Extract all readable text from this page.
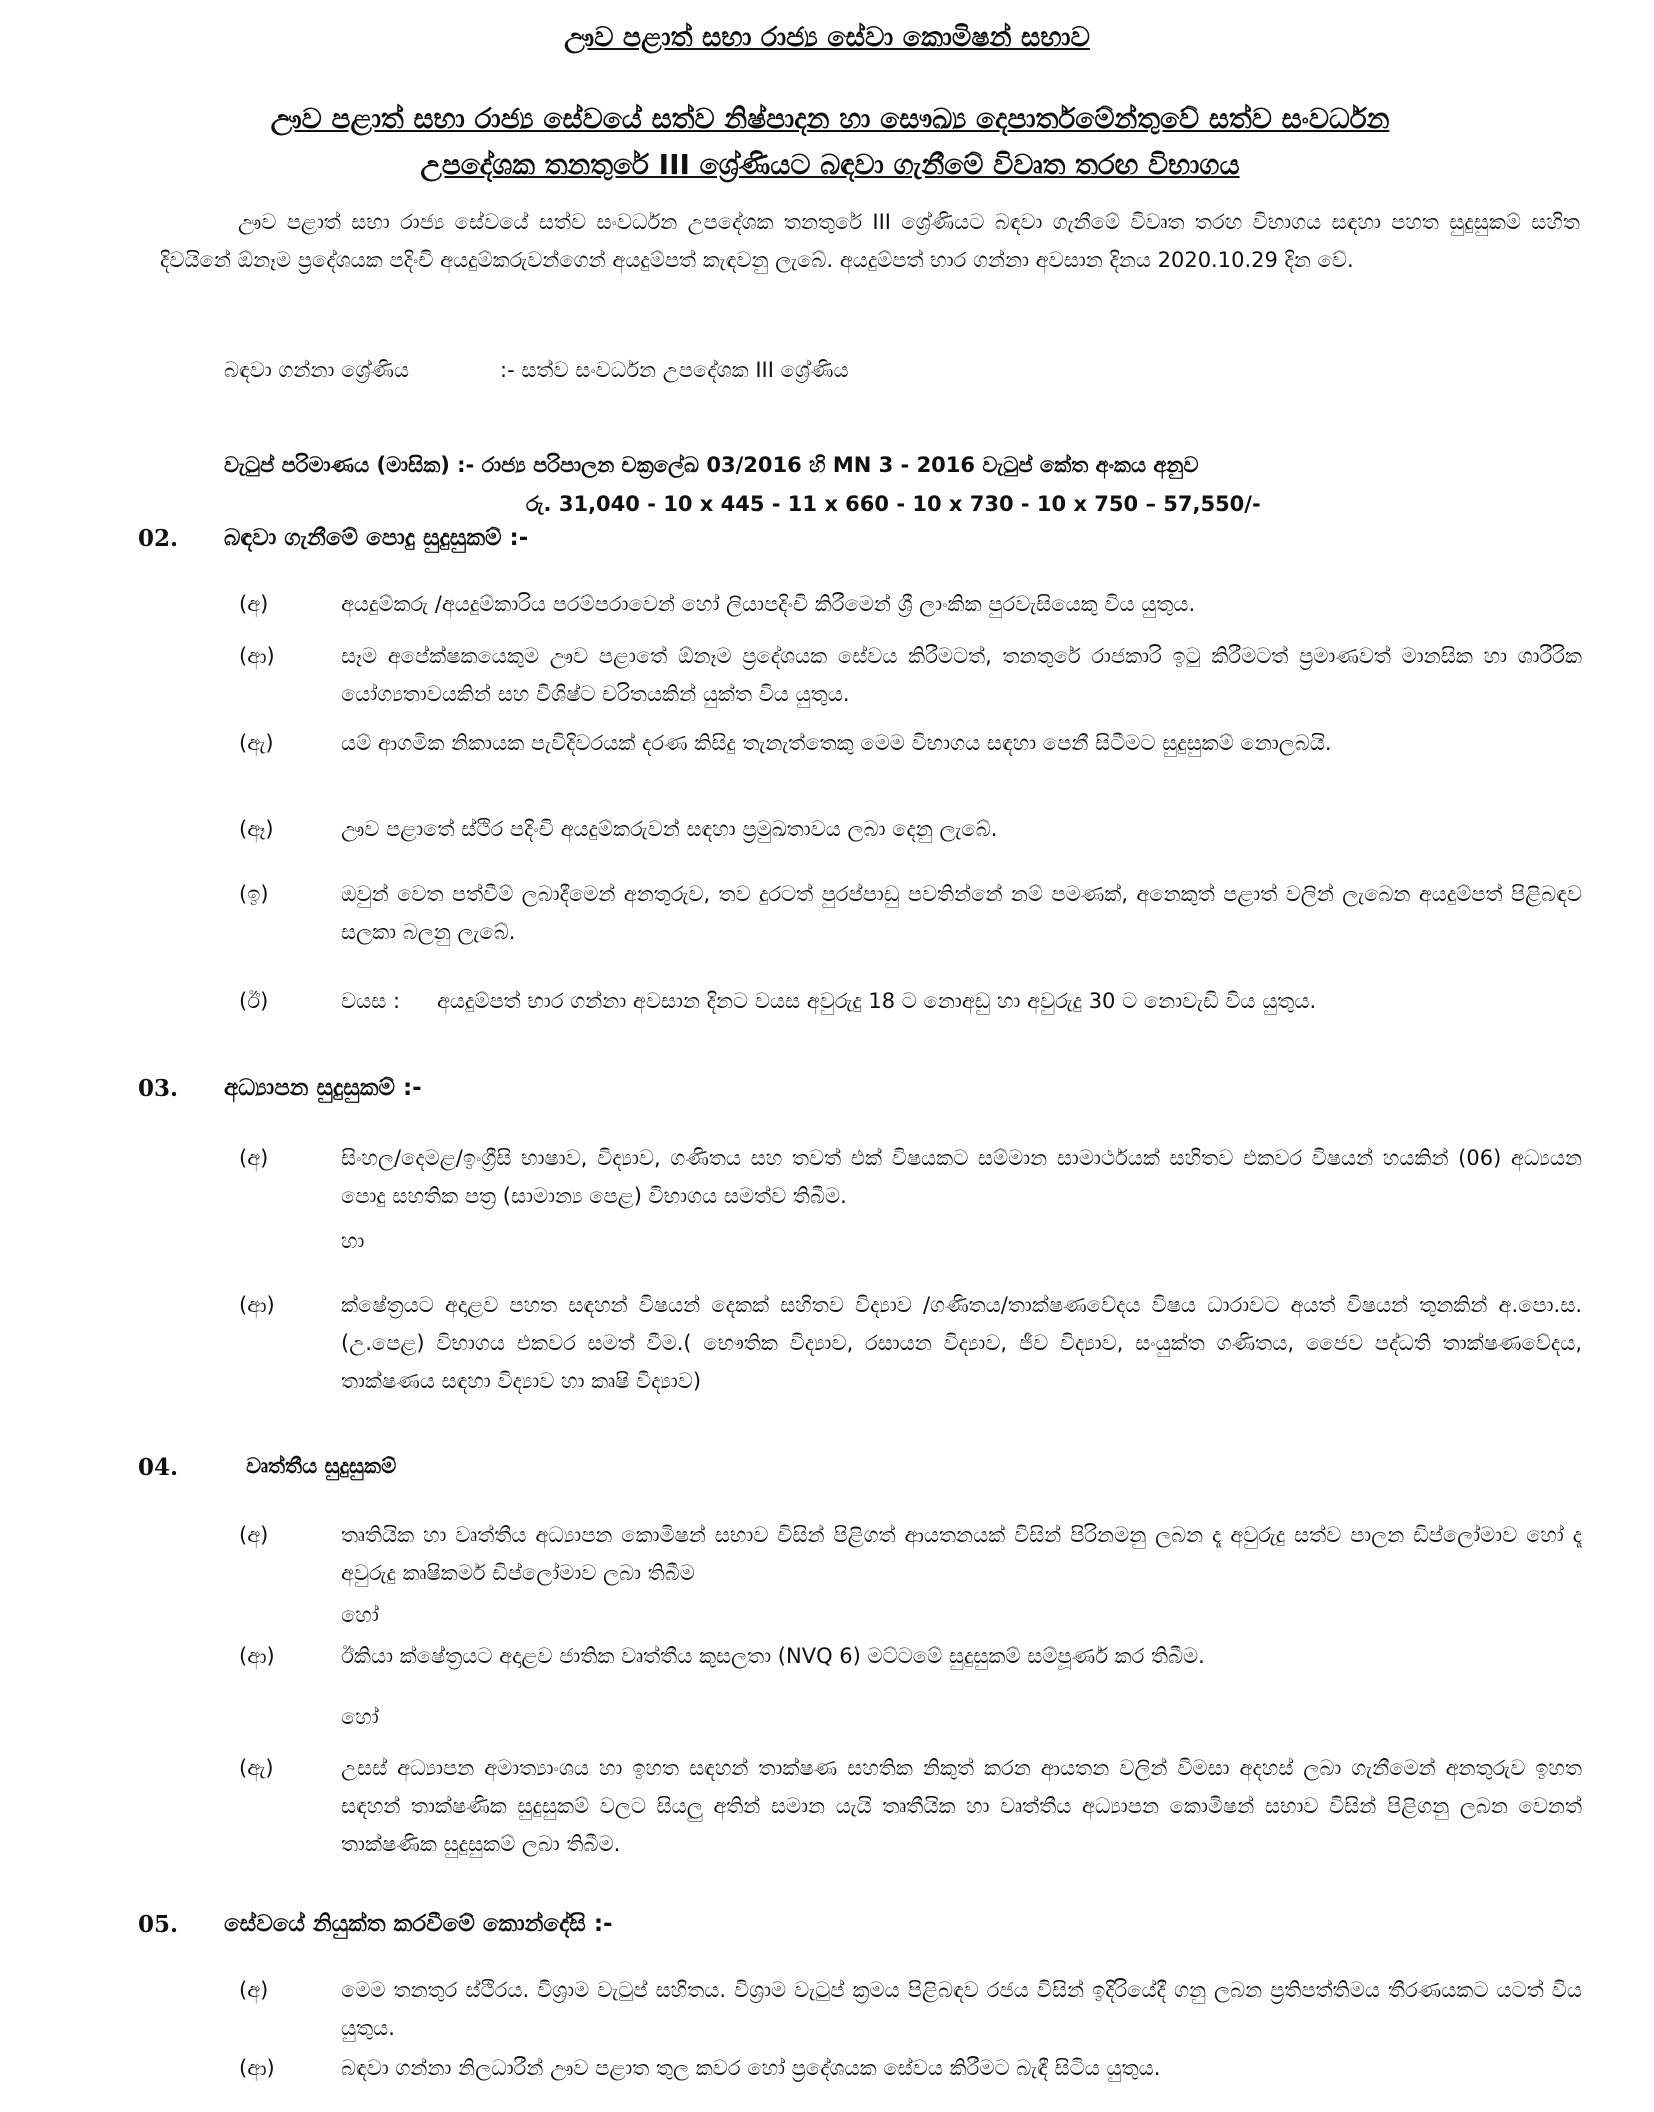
ඌව පළාත් සභා රාජ්‍ය සේවා කොමිෂන් සභාව
ඌව පළාත් සභා රාජ්‍ය සේවයේ සත්ව නිෂ්පාදන හා සෞඛ්‍ය දෙපාර්තමේන්තුවේ සත්ව සංවර්ධන
උපදේශක තනතුරේ III ශ්‍රේණියට බඳවා ගැනීමේ විවෘත තරඟ විභාගය
ඌව පළාත් සභා රාජ්‍ය සේවයේ සත්ව සංවර්ධන උපදේශක තනතුරේ III ශ්‍රේණියට බඳවා ගැනීමේ විවෘත තරඟ විභාගය සඳහා පහත සුදුසුකම් සහිත දිවයිනේ ඕනෑම ප්‍රදේශයක පදිංචි අයදුම්කරුවන්ගෙන් අයදුම්පත් කැඳවනු ලැබේ. අයදුම්පත් භාර ගන්නා අවසාන දිනය 2020.10.29 දින වේ.
බඳවා ගන්නා ශ්‍රේණිය	:- සත්ව සංවර්ධන උපදේශක III ශ්‍රේණිය
වැටුප් පරිමාණය (මාසික) :- රාජ්‍ය පරිපාලන චක්‍රලේඛ 03/2016 හි MN 3 - 2016 වැටුප් කේත අංකය අනුව
රු. 31,040 - 10 x 445 - 11 x 660 - 10 x 730 - 10 x 750 – 57,550/-
02. බඳවා ගැනීමේ පොදු සුදුසුකම් :-
(අ)	අයදුම්කරු /අයදුම්කාරිය පරම්පරාවෙන් හෝ ලියාපදිංචි කිරීමෙන් ශ්‍රී ලාංකික පුරවැසියෙකු විය යුතුය.
(ආ)	සෑම අපේක්ෂකයෙකුම ඌව පළාතේ ඕනෑම ප්‍රදේශයක සේවය කිරීමටත්, තනතුරේ රාජකාරි ඉටු කිරීමටත් ප්‍රමාණවත් මානසික හා ශාරීරික යෝග්‍යතාවයකින් සහ විශිෂ්ට චරිතයකින් යුක්ත විය යුතුය.
(ඇ)	යම් ආගමික නිකායක පැවිදිවරයක් දරණ කිසිදු තැනැත්තෙකු මෙම විභාගය සඳහා පෙනී සිටීමට සුදුසුකම් නොලබයි.
(ඈ)	ඌව පළාතේ ස්ථිර පදිංචි අයදුම්කරුවන් සඳහා ප්‍රමුඛතාවය ලබා දෙනු ලැබේ.
(ඉ)	ඔවුන් වෙත පත්වීම් ලබාදීමෙන් අනතුරුව, තව දුරටත් පුරප්පාඩු පවතින්නේ නම් පමණක්, අනෙකුත් පළාත් වලින් ලැබෙන අයදුම්පත් පිළිබඳව සලකා බලනු ලැබේ.
(ඊ)	වයස : අයදුම්පත් භාර ගන්නා අවසාන දිනට වයස අවුරුදු 18 ට නොඅඩු හා අවුරුදු 30 ට නොවැඩි විය යුතුය.
03. අධ්‍යාපන සුදුසුකම් :-
(අ)	සිංහල/දෙමළ/ඉංග්‍රීසි භාෂාව, විද්‍යාව, ගණිතය සහ තවත් එක් විෂයකට සම්මාන සාමාර්ථයක් සහිතව එකවර විෂයන් හයකින් (06) අධ්‍යයන පොදු සහතික පත්‍ර (සාමාන්‍ය පෙළ) විභාගය සමත්ව තිබීම.
හා
(ආ)	ක්ෂේත්‍රයට අදාළව පහත සඳහන් විෂයන් දෙකක් සහිතව විද්‍යාව /ගණිතය/තාක්ෂණවේදය විෂය ධාරාවට අයත් විෂයන් තුනකින් අ.පො.ස.(උ.පෙළ) විභාගය එකවර සමත් වීම.( භෞතික විද්‍යාව, රසායන විද්‍යාව, ජීව විද්‍යාව, සංයුක්ත ගණිතය, ජෛව පද්ධති තාක්ෂණවේදය, තාක්ෂණය සඳහා විද්‍යාව හා කෘෂි විද්‍යාව)
04.	වෘත්තීය සුදුසුකම්
(අ)	තෘතියික හා වෘත්තීය අධ්‍යාපන කොමිෂන් සභාව විසින් පිළිගත් ආයතනයක් විසින් පිරිනමනු ලබන දෑ අවුරුදු සත්ව පාලන ඩිප්ලෝමාව හෝ දෑ අවුරුදු කෘෂිකර්ම ඩිප්ලෝමාව ලබා තිබීම
හෝ
(ආ)	ඊකියා ක්ෂේත්‍රයට අදාළව ජාතික වෘත්තීය කුසලතා (NVQ 6) මට්ටමේ සුදුසුකම් සම්පූර්ණ කර තිබීම.
හෝ
(ඇ)	උසස් අධ්‍යාපන අමාත්‍යාංශය හා ඉහත සඳහන් තාක්ෂණ සහතික නිකුත් කරන ආයතන වලින් විමසා අදහස් ලබා ගැනීමෙන් අනතුරුව ඉහත සඳහන් තාක්ෂණික සුදුසුකම් වලට සියලු අතින් සමාන යැයි තෘතීයික හා වෘත්තීය අධ්‍යාපන කොමිෂන් සභාව විසින් පිළිගනු ලබන වෙනත් තාක්ෂණික සුදුසුකම් ලබා තිබීම.
05. සේවයේ නියුක්ත කරවීමේ කොන්දේසි :-
(අ)	මෙම තනතුර ස්ථිරය. විශ්‍රාම වැටුප් සහිතය. විශ්‍රාම වැටුප් ක්‍රමය පිළිබඳව රජය විසින් ඉදිරියේදී ගනු ලබන ප්‍රතිපත්තිමය තීරණයකට යටත් විය යුතුය.
(ආ)	බඳවා ගන්නා නිලධාරීන් ඌව පළාත තුල කවර හෝ ප්‍රදේශයක සේවය කිරීමට බැඳී සිටිය යුතුය.
